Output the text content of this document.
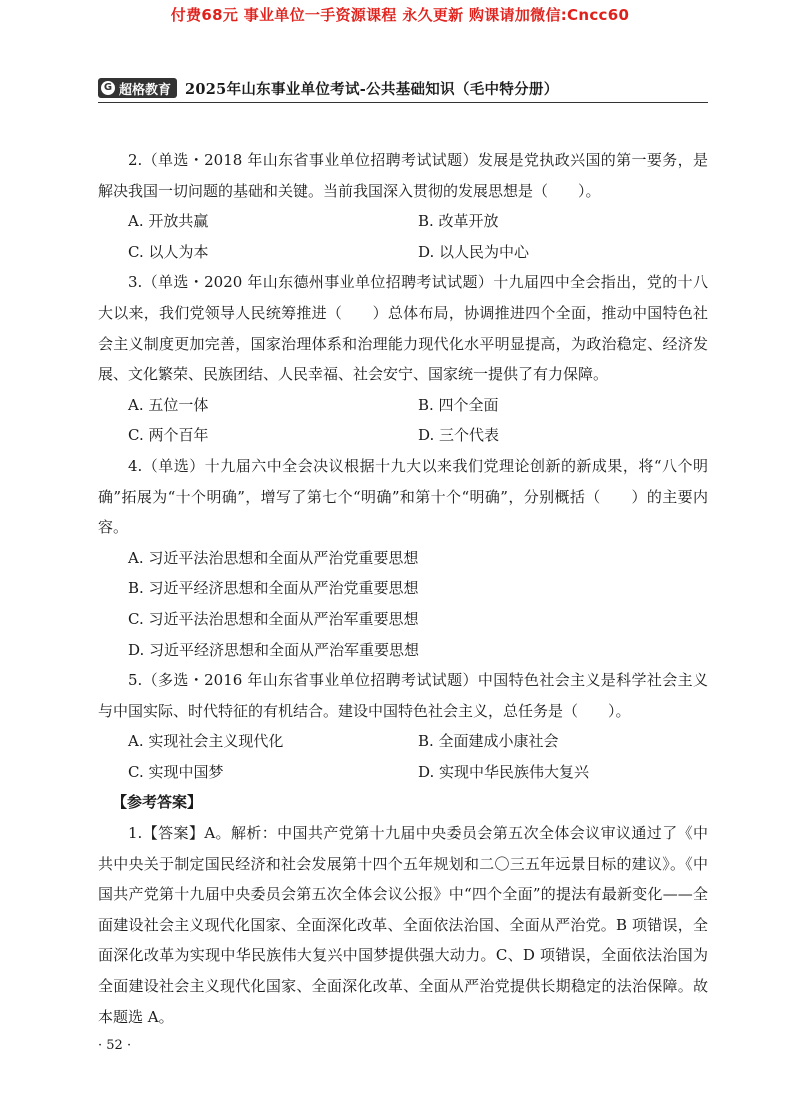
付费68元 事业单位一手资源课程 永久更新 购课请加微信:Cncc60
G 超格教育 2025年山东事业单位考试-公共基础知识（毛中特分册）

2.（单选・2018 年山东省事业单位招聘考试试题）发展是党执政兴国的第一要务，是解决我国一切问题的基础和关键。当前我国深入贯彻的发展思想是（　　）。

A. 开放共赢	B. 改革开放
C. 以人为本	D. 以人民为中心

3.（单选・2020 年山东德州事业单位招聘考试试题）十九届四中全会指出，党的十八大以来，我们党领导人民统筹推进（　　）总体布局，协调推进四个全面，推动中国特色社会主义制度更加完善，国家治理体系和治理能力现代化水平明显提高，为政治稳定、经济发展、文化繁荣、民族团结、人民幸福、社会安宁、国家统一提供了有力保障。

A. 五位一体	B. 四个全面
C. 两个百年	D. 三个代表

4.（单选）十九届六中全会决议根据十九大以来我们党理论创新的新成果，将“八个明确”拓展为“十个明确”，增写了第七个“明确”和第十个“明确”，分别概括（　　）的主要内容。

A. 习近平法治思想和全面从严治党重要思想

B. 习近平经济思想和全面从严治党重要思想

C. 习近平法治思想和全面从严治军重要思想

D. 习近平经济思想和全面从严治军重要思想

5.（多选・2016 年山东省事业单位招聘考试试题）中国特色社会主义是科学社会主义与中国实际、时代特征的有机结合。建设中国特色社会主义，总任务是（　　）。

A. 实现社会主义现代化	B. 全面建成小康社会
C. 实现中国梦	D. 实现中华民族伟大复兴

【参考答案】

1.【答案】A。解析：中国共产党第十九届中央委员会第五次全体会议审议通过了《中共中央关于制定国民经济和社会发展第十四个五年规划和二〇三五年远景目标的建议》。《中国共产党第十九届中央委员会第五次全体会议公报》中“四个全面”的提法有最新变化——全面建设社会主义现代化国家、全面深化改革、全面依法治国、全面从严治党。B 项错误，全面深化改革为实现中华民族伟大复兴中国梦提供强大动力。C、D 项错误，全面依法治国为全面建设社会主义现代化国家、全面深化改革、全面从严治党提供长期稳定的法治保障。故本题选 A。

· 52 ·
